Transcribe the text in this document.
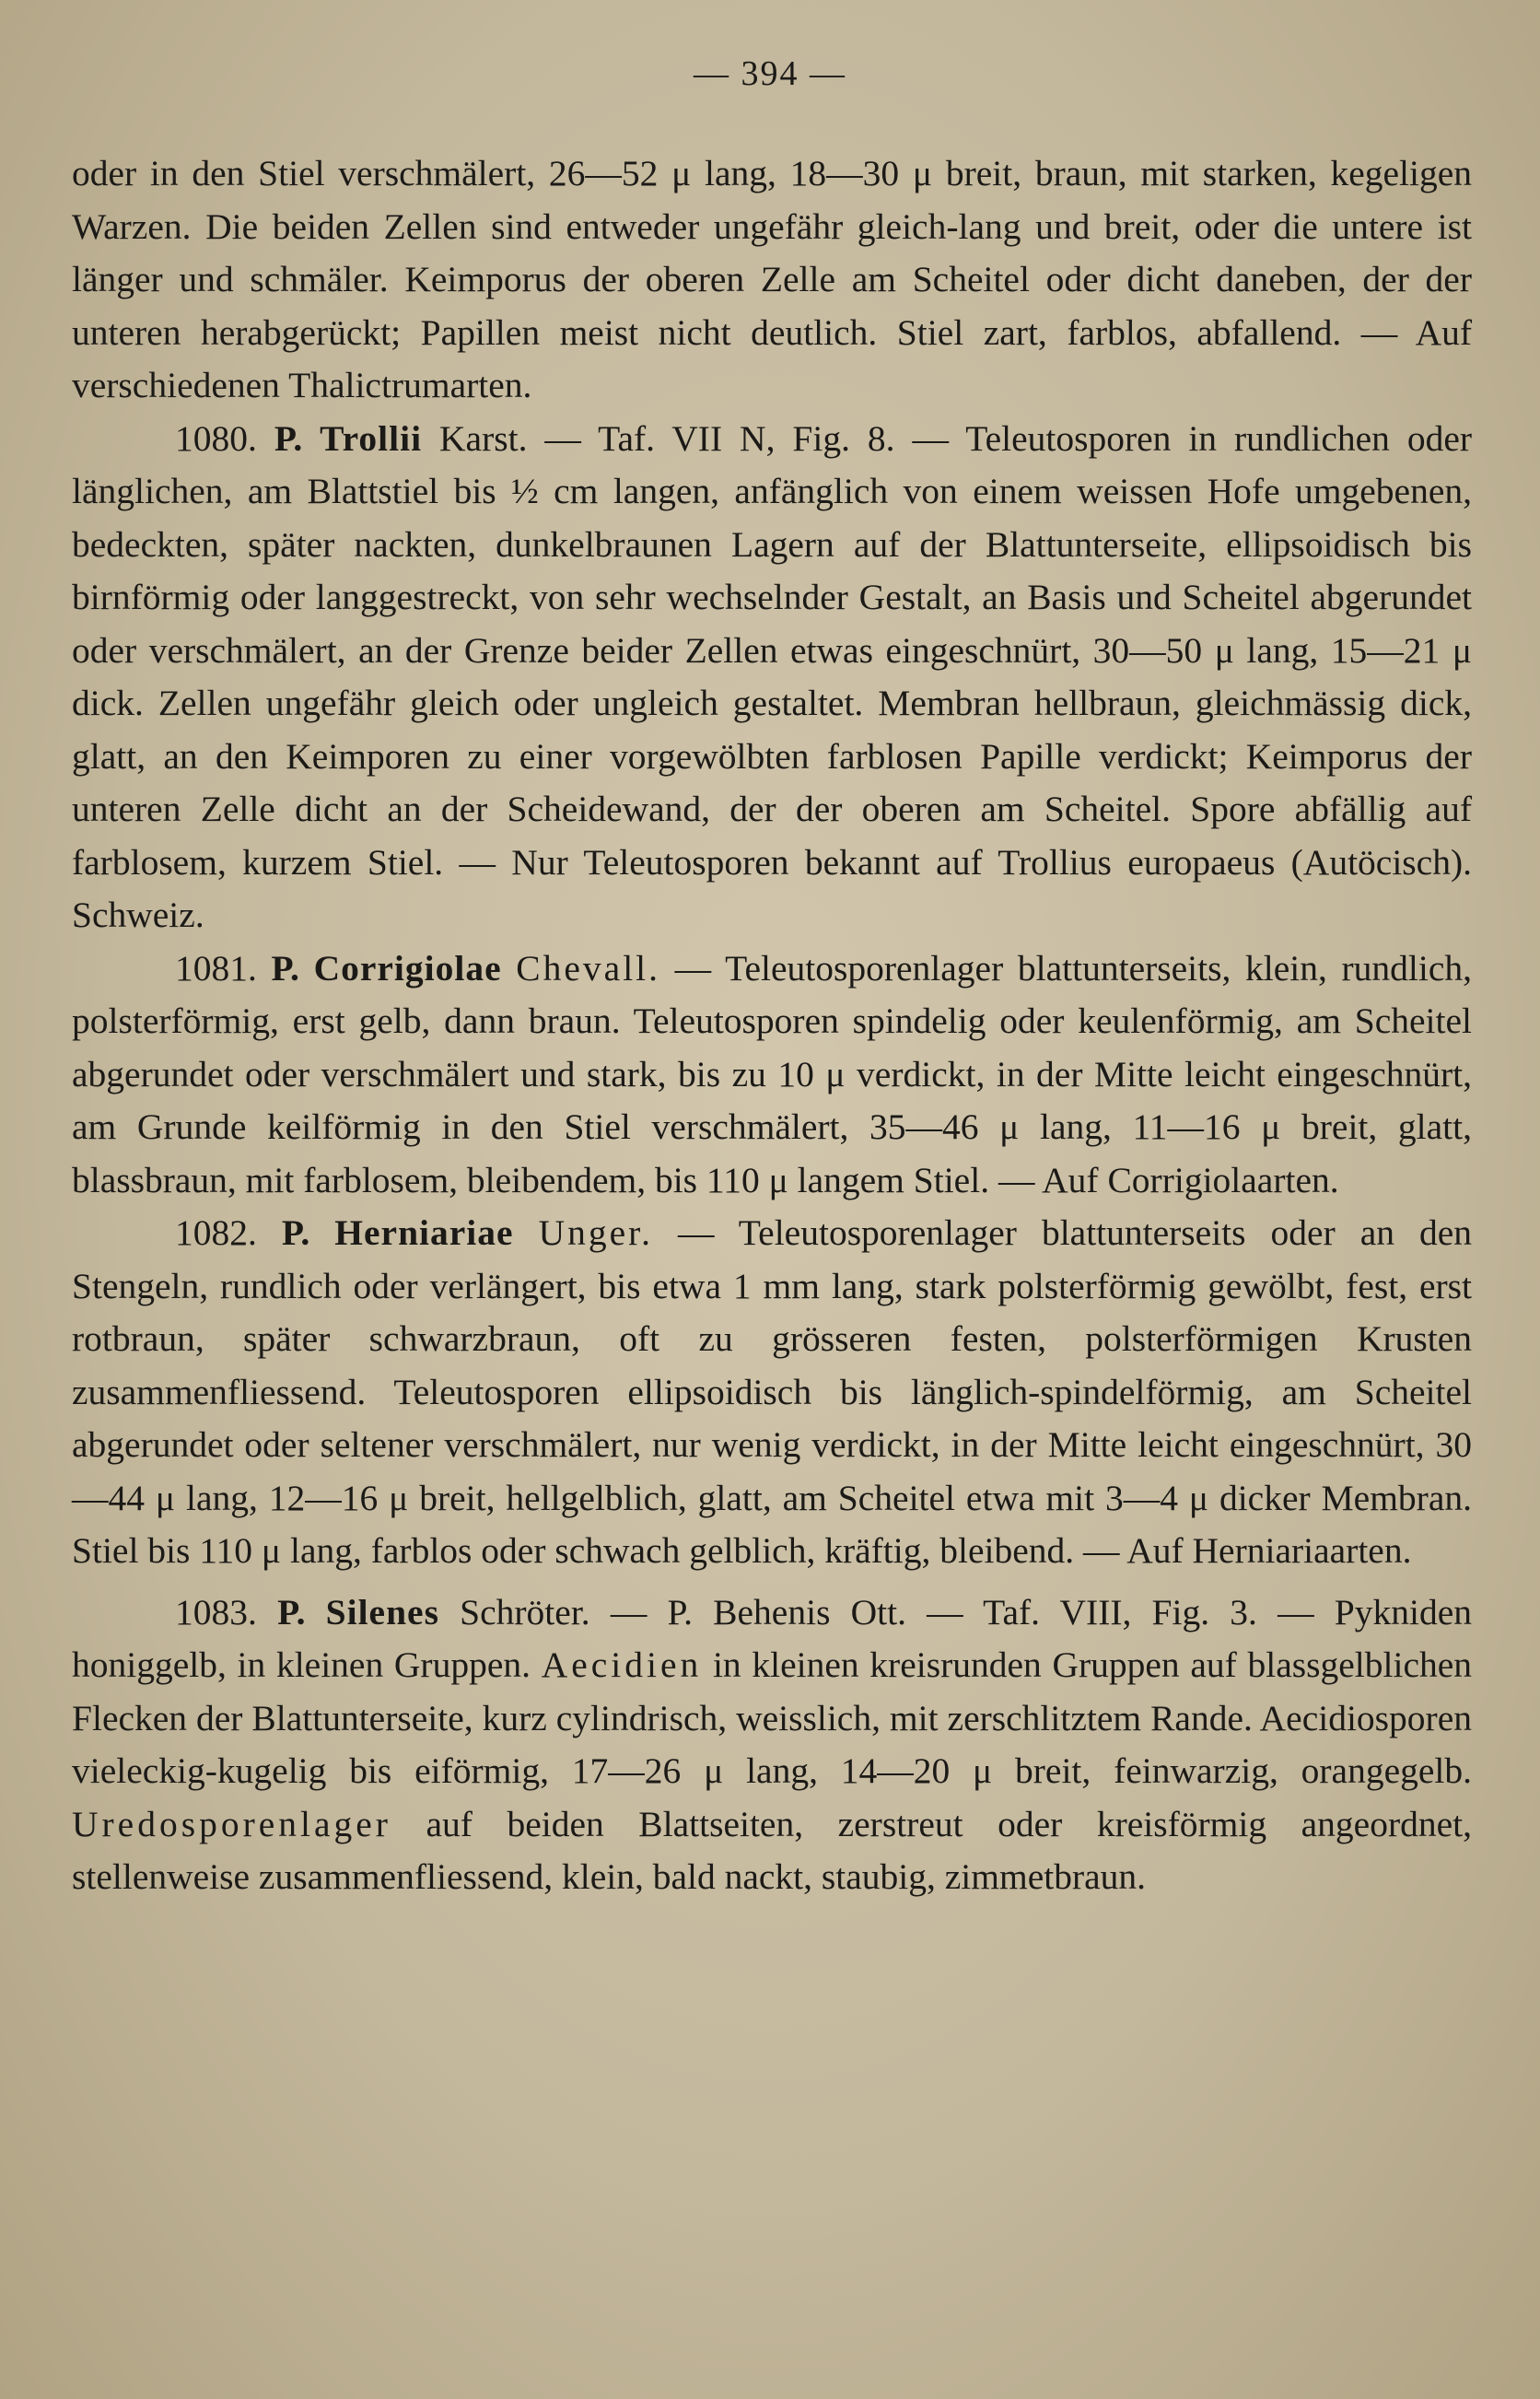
— 394 —

oder in den Stiel verschmälert, 26—52 μ lang, 18—30 μ breit, braun, mit starken, kegeligen Warzen. Die beiden Zellen sind entweder ungefähr gleich-lang und breit, oder die untere ist länger und schmäler. Keimporus der oberen Zelle am Scheitel oder dicht daneben, der der unteren herabgerückt; Papillen meist nicht deutlich. Stiel zart, farblos, abfallend. — Auf verschiedenen Thalictrumarten.

1080. P. Trollii Karst. — Taf. VII N, Fig. 8. — Teleutosporen in rundlichen oder länglichen, am Blattstiel bis ½ cm langen, anfänglich von einem weissen Hofe umgebenen, bedeckten, später nackten, dunkelbraunen Lagern auf der Blattunterseite, ellipsoidisch bis birnförmig oder langgestreckt, von sehr wechselnder Gestalt, an Basis und Scheitel abgerundet oder verschmälert, an der Grenze beider Zellen etwas eingeschnürt, 30—50 μ lang, 15—21 μ dick. Zellen ungefähr gleich oder ungleich gestaltet. Membran hellbraun, gleichmässig dick, glatt, an den Keimporen zu einer vorgewölbten farblosen Papille verdickt; Keimporus der unteren Zelle dicht an der Scheidewand, der der oberen am Scheitel. Spore abfällig auf farblosem, kurzem Stiel. — Nur Teleutosporen bekannt auf Trollius europaeus (Autöcisch). Schweiz.

1081. P. Corrigiolae Chevall. — Teleutosporenlager blattunterseits, klein, rundlich, polsterförmig, erst gelb, dann braun. Teleutosporen spindelig oder keulenförmig, am Scheitel abgerundet oder verschmälert und stark, bis zu 10 μ verdickt, in der Mitte leicht eingeschnürt, am Grunde keilförmig in den Stiel verschmälert, 35—46 μ lang, 11—16 μ breit, glatt, blassbraun, mit farblosem, bleibendem, bis 110 μ langem Stiel. — Auf Corrigiolaarten.

1082. P. Herniariae Unger. — Teleutosporenlager blattunterseits oder an den Stengeln, rundlich oder verlängert, bis etwa 1 mm lang, stark polsterförmig gewölbt, fest, erst rotbraun, später schwarzbraun, oft zu grösseren festen, polsterförmigen Krusten zusammenfliessend. Teleutosporen ellipsoidisch bis länglich-spindelförmig, am Scheitel abgerundet oder seltener verschmälert, nur wenig verdickt, in der Mitte leicht eingeschnürt, 30—44 μ lang, 12—16 μ breit, hellgelblich, glatt, am Scheitel etwa mit 3—4 μ dicker Membran. Stiel bis 110 μ lang, farblos oder schwach gelblich, kräftig, bleibend. — Auf Herniariaarten.

1083. P. Silenes Schröter. — P. Behenis Ott. — Taf. VIII, Fig. 3. — Pykniden honiggelb, in kleinen Gruppen. Aecidien in kleinen kreisrunden Gruppen auf blassgelblichen Flecken der Blattunterseite, kurz cylindrisch, weisslich, mit zerschlitztem Rande. Aecidiosporen vieleckig-kugelig bis eiförmig, 17—26 μ lang, 14—20 μ breit, feinwarzig, orangegelb. Uredosporenlager auf beiden Blattseiten, zerstreut oder kreisförmig angeordnet, stellenweise zusammenfliessend, klein, bald nackt, staubig, zimmetbraun.
